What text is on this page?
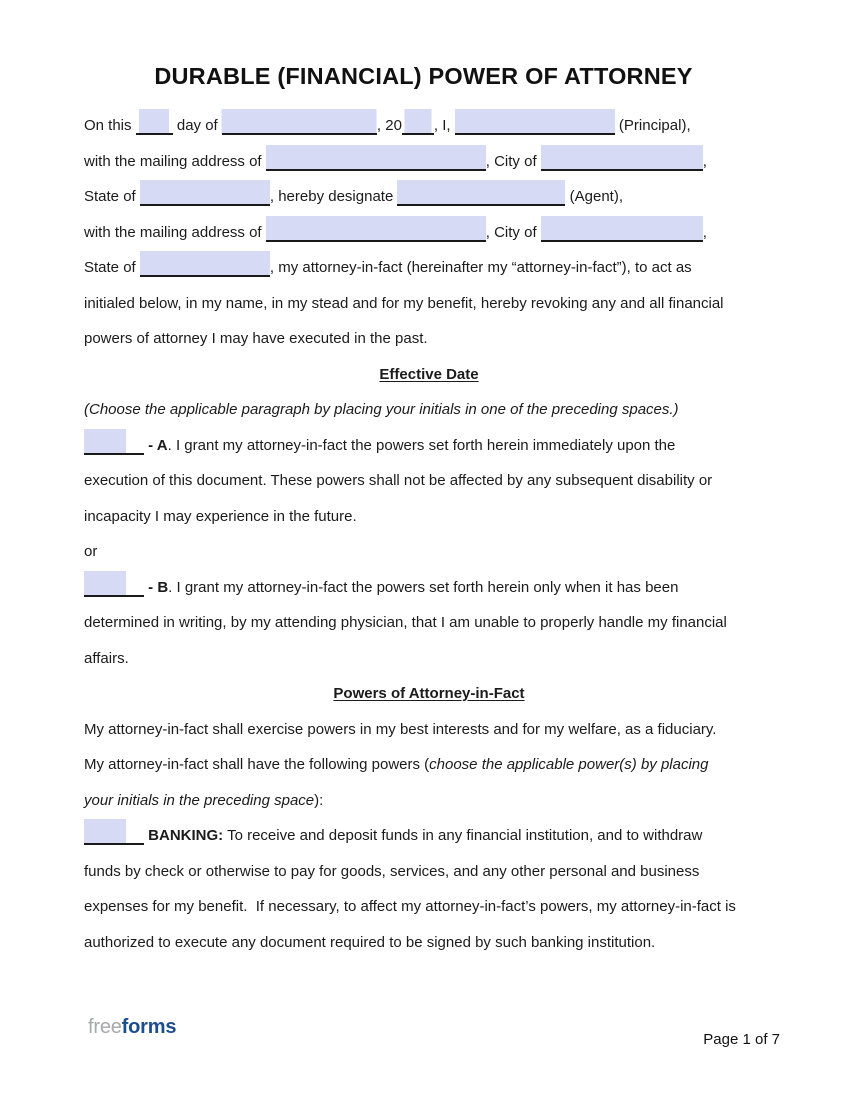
DURABLE (FINANCIAL) POWER OF ATTORNEY
On this
day of	, 20 , I,	(Principal),
with the mailing address of	, City of	,
State of	, hereby designate	(Agent),
with the mailing address of	, City of	,
State of	, my attorney-in-fact (hereinafter my “attorney-in-fact”), to act as
initialed below, in my name, in my stead and for my benefit, hereby revoking any and all financial
powers of attorney I may have executed in the past.
Effective Date
(Choose the applicable paragraph by placing your initials in one of the preceding spaces.)
- A. I grant my attorney-in-fact the powers set forth herein immediately upon the
execution of this document. These powers shall not be affected by any subsequent disability or
incapacity I may experience in the future.
or
- B. I grant my attorney-in-fact the powers set forth herein only when it has been
determined in writing, by my attending physician, that I am unable to properly handle my financial
affairs.
Powers of Attorney-in-Fact
My attorney-in-fact shall exercise powers in my best interests and for my welfare, as a fiduciary.
My attorney-in-fact shall have the following powers (choose the applicable power(s) by placing
your initials in the preceding space):
BANKING: To receive and deposit funds in any financial institution, and to withdraw
funds by check or otherwise to pay for goods, services, and any other personal and business
expenses for my benefit.  If necessary, to affect my attorney-in-fact’s powers, my attorney-in-fact is
authorized to execute any document required to be signed by such banking institution.
freeforms
Page 1 of 7
